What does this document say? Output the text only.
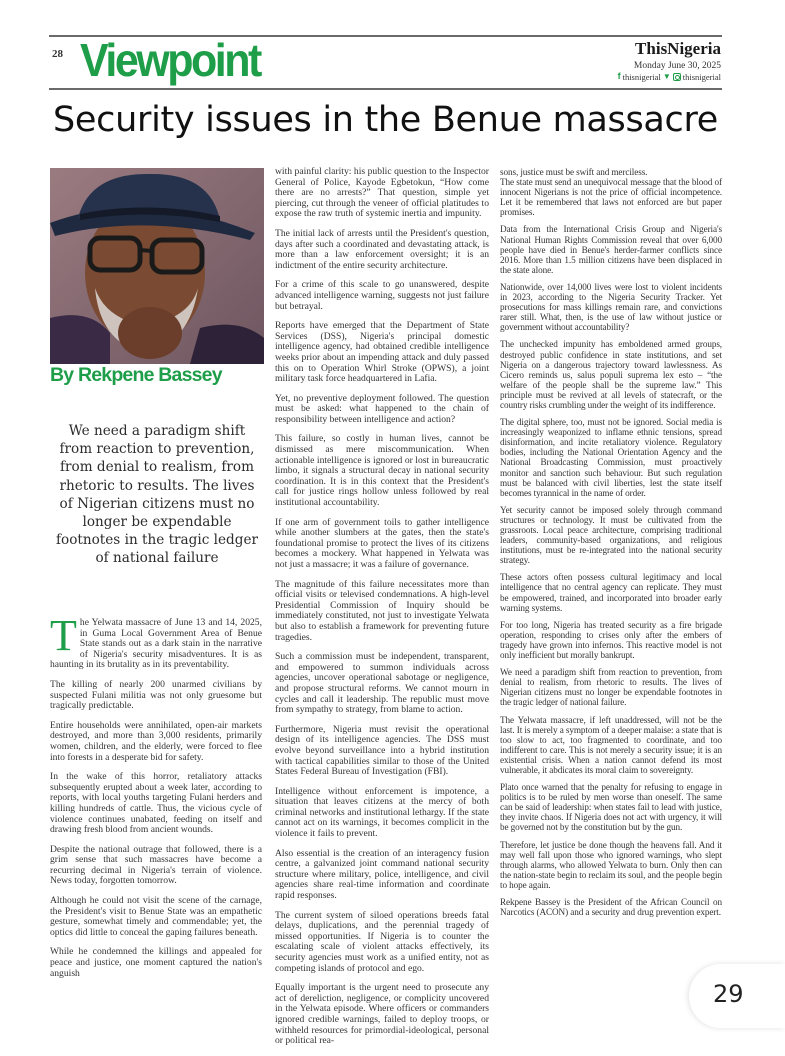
28 Viewpoint	ThisNigeria
Monday June 30, 2025
f thisnigerial ▼ thisnigerial
Security issues in the Benue massacre
By Rekpene Bassey
We need a paradigm shift from reaction to prevention, from denial to realism, from rhetoric to results. The lives of Nigerian citizens must no longer be expendable footnotes in the tragic ledger of national failure

The Yelwata massacre of June 13 and 14, 2025, in Guma Local Government Area of Benue State stands out as a dark stain in the narrative of Nigeria's security misadventures. It is as haunting in its brutality as in its preventability.

The killing of nearly 200 unarmed civilians by suspected Fulani militia was not only gruesome but tragically predictable.

Entire households were annihilated, open-air markets destroyed, and more than 3,000 residents, primarily women, children, and the elderly, were forced to flee into forests in a desperate bid for safety.

In the wake of this horror, retaliatory attacks subsequently erupted about a week later, according to reports, with local youths targeting Fulani herders and killing hundreds of cattle. Thus, the vicious cycle of violence continues unabated, feeding on itself and drawing fresh blood from ancient wounds.

Despite the national outrage that followed, there is a grim sense that such massacres have become a recurring decimal in Nigeria's terrain of violence. News today, forgotten tomorrow.

Although he could not visit the scene of the carnage, the President's visit to Benue State was an empathetic gesture, somewhat timely and commendable; yet, the optics did little to conceal the gaping failures beneath.

While he condemned the killings and appealed for peace and justice, one moment captured the nation's anguish

with painful clarity: his public question to the Inspector General of Police, Kayode Egbetokun, “How come there are no arrests?” That question, simple yet piercing, cut through the veneer of official platitudes to expose the raw truth of systemic inertia and impunity.

The initial lack of arrests until the President's question, days after such a coordinated and devastating attack, is more than a law enforcement oversight; it is an indictment of the entire security architecture.

For a crime of this scale to go unanswered, despite advanced intelligence warning, suggests not just failure but betrayal.

Reports have emerged that the Department of State Services (DSS), Nigeria's principal domestic intelligence agency, had obtained credible intelligence weeks prior about an impending attack and duly passed this on to Operation Whirl Stroke (OPWS), a joint military task force headquartered in Lafia.

Yet, no preventive deployment followed. The question must be asked: what happened to the chain of responsibility between intelligence and action?

This failure, so costly in human lives, cannot be dismissed as mere miscommunication. When actionable intelligence is ignored or lost in bureaucratic limbo, it signals a structural decay in national security coordination. It is in this context that the President's call for justice rings hollow unless followed by real institutional accountability.

If one arm of government toils to gather intelligence while another slumbers at the gates, then the state's foundational promise to protect the lives of its citizens becomes a mockery. What happened in Yelwata was not just a massacre; it was a failure of governance.

The magnitude of this failure necessitates more than official visits or televised condemnations. A high-level Presidential Commission of Inquiry should be immediately constituted, not just to investigate Yelwata but also to establish a framework for preventing future tragedies.

Such a commission must be independent, transparent, and empowered to summon individuals across agencies, uncover operational sabotage or negligence, and propose structural reforms. We cannot mourn in cycles and call it leadership. The republic must move from sympathy to strategy, from blame to action.

Furthermore, Nigeria must revisit the operational design of its intelligence agencies. The DSS must evolve beyond surveillance into a hybrid institution with tactical capabilities similar to those of the United States Federal Bureau of Investigation (FBI).

Intelligence without enforcement is impotence, a situation that leaves citizens at the mercy of both criminal networks and institutional lethargy. If the state cannot act on its warnings, it becomes complicit in the violence it fails to prevent.

Also essential is the creation of an interagency fusion centre, a galvanized joint command national security structure where military, police, intelligence, and civil agencies share real-time information and coordinate rapid responses.

The current system of siloed operations breeds fatal delays, duplications, and the perennial tragedy of missed opportunities. If Nigeria is to counter the escalating scale of violent attacks effectively, its security agencies must work as a unified entity, not as competing islands of protocol and ego.

Equally important is the urgent need to prosecute any act of dereliction, negligence, or complicity uncovered in the Yelwata episode. Where officers or commanders ignored credible warnings, failed to deploy troops, or withheld resources for primordial-ideological, personal or political rea-

sons, justice must be swift and merciless.

The state must send an unequivocal message that the blood of innocent Nigerians is not the price of official incompetence. Let it be remembered that laws not enforced are but paper promises.

Data from the International Crisis Group and Nigeria's National Human Rights Commission reveal that over 6,000 people have died in Benue's herder-farmer conflicts since 2016. More than 1.5 million citizens have been displaced in the state alone.

Nationwide, over 14,000 lives were lost to violent incidents in 2023, according to the Nigeria Security Tracker. Yet prosecutions for mass killings remain rare, and convictions rarer still. What, then, is the use of law without justice or government without accountability?

The unchecked impunity has emboldened armed groups, destroyed public confidence in state institutions, and set Nigeria on a dangerous trajectory toward lawlessness. As Cicero reminds us, salus populi suprema lex esto – “the welfare of the people shall be the supreme law.” This principle must be revived at all levels of statecraft, or the country risks crumbling under the weight of its indifference.

The digital sphere, too, must not be ignored. Social media is increasingly weaponized to inflame ethnic tensions, spread disinformation, and incite retaliatory violence. Regulatory bodies, including the National Orientation Agency and the National Broadcasting Commission, must proactively monitor and sanction such behaviour. But such regulation must be balanced with civil liberties, lest the state itself becomes tyrannical in the name of order.

Yet security cannot be imposed solely through command structures or technology. It must be cultivated from the grassroots. Local peace architecture, comprising traditional leaders, community-based organizations, and religious institutions, must be re-integrated into the national security strategy.

These actors often possess cultural legitimacy and local intelligence that no central agency can replicate. They must be empowered, trained, and incorporated into broader early warning systems.

For too long, Nigeria has treated security as a fire brigade operation, responding to crises only after the embers of tragedy have grown into infernos. This reactive model is not only inefficient but morally bankrupt.

We need a paradigm shift from reaction to prevention, from denial to realism, from rhetoric to results. The lives of Nigerian citizens must no longer be expendable footnotes in the tragic ledger of national failure.

The Yelwata massacre, if left unaddressed, will not be the last. It is merely a symptom of a deeper malaise: a state that is too slow to act, too fragmented to coordinate, and too indifferent to care. This is not merely a security issue; it is an existential crisis. When a nation cannot defend its most vulnerable, it abdicates its moral claim to sovereignty.

Plato once warned that the penalty for refusing to engage in politics is to be ruled by men worse than oneself. The same can be said of leadership: when states fail to lead with justice, they invite chaos. If Nigeria does not act with urgency, it will be governed not by the constitution but by the gun.

Therefore, let justice be done though the heavens fall. And it may well fall upon those who ignored warnings, who slept through alarms, who allowed Yelwata to burn. Only then can the nation-state begin to reclaim its soul, and the people begin to hope again.

Rekpene Bassey is the President of the African Council on Narcotics (ACON) and a security and drug prevention expert.

29
